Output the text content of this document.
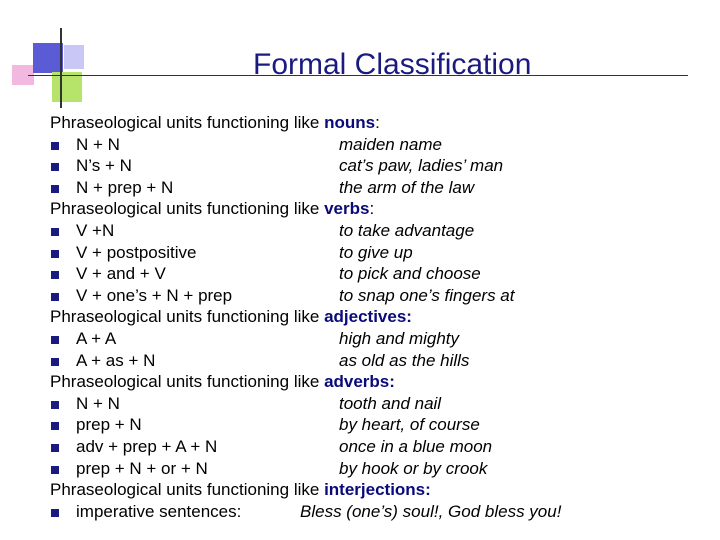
Formal Classification
Phraseological units functioning like nouns:
N + N	maiden name
N’s + N	cat’s paw, ladies’ man
N + prep + N	the arm of the law
Phraseological units functioning like verbs:
V +N	to take advantage
V + postpositive	to give up
V + and + V	to pick and choose
V + one’s + N + prep	to snap one’s fingers at
Phraseological units functioning like adjectives:
A + A	high and mighty
A + as + N	as old as the hills
Phraseological units functioning like adverbs:
N + N	tooth and nail
prep + N	by heart, of course
adv + prep + A + N	once in a blue moon
prep + N + or + N	by hook or by crook
Phraseological units functioning like interjections:
imperative sentences:	Bless (one’s) soul!, God bless you!
